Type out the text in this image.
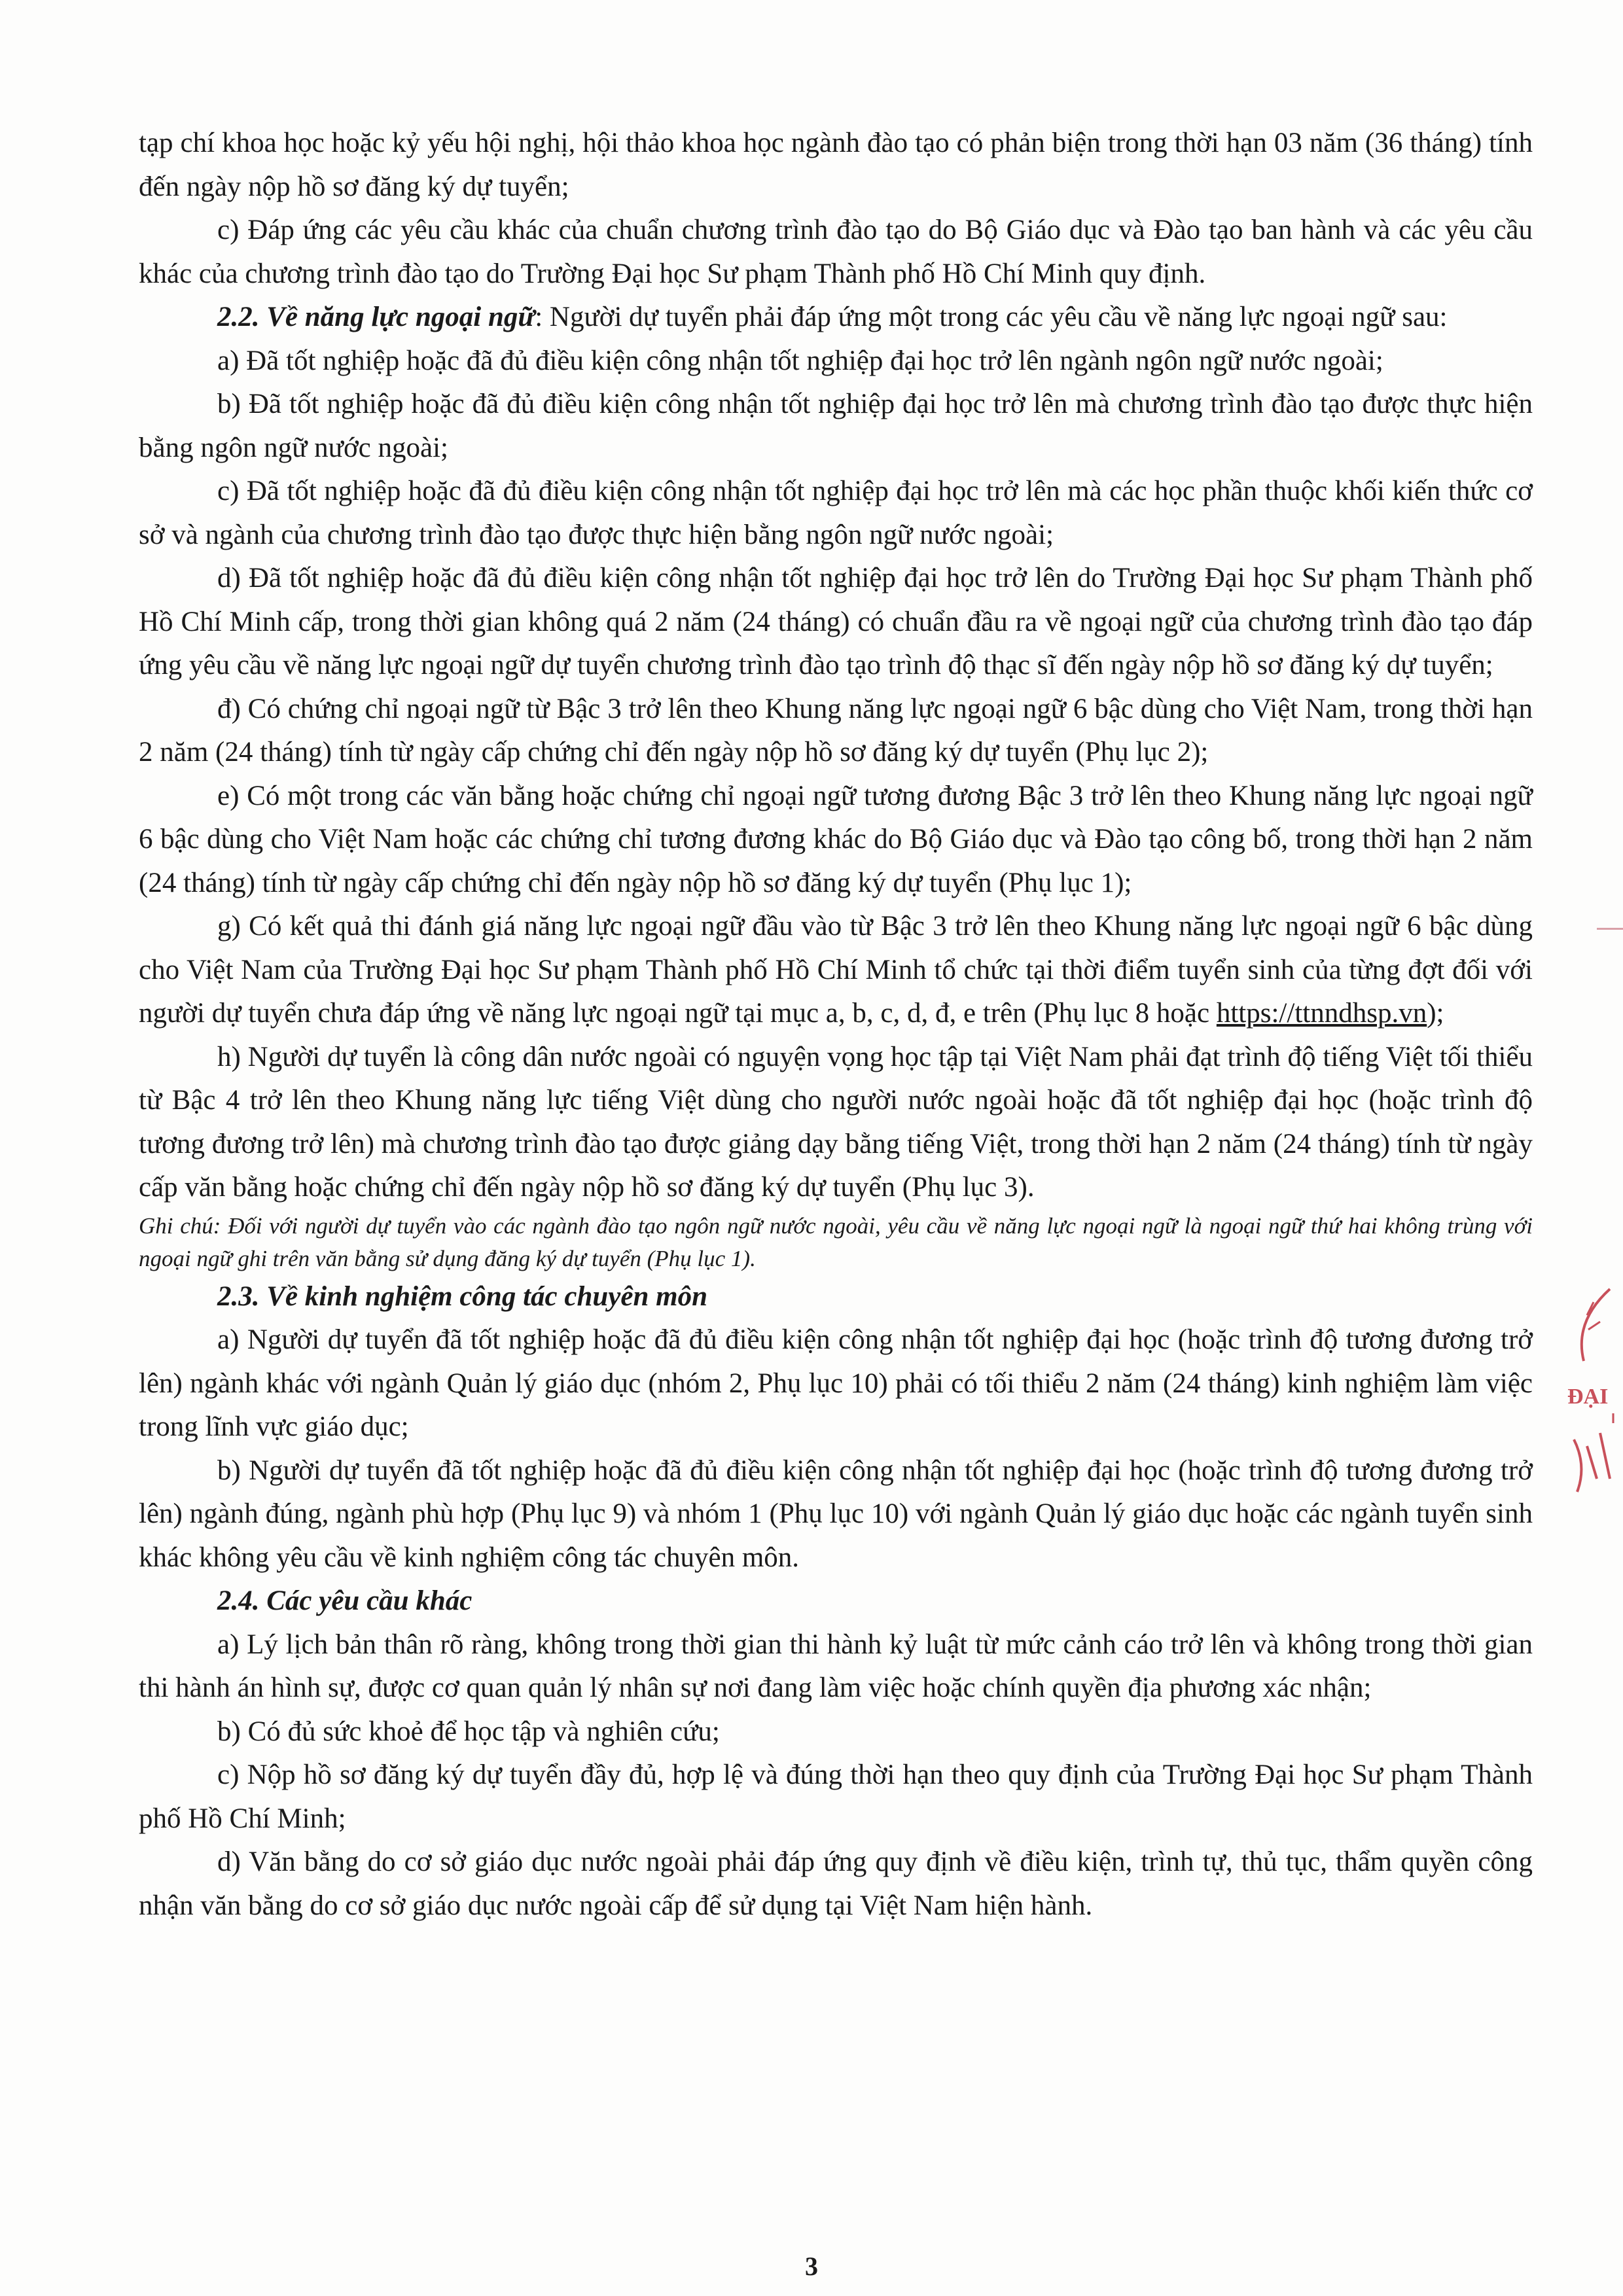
tạp chí khoa học hoặc kỷ yếu hội nghị, hội thảo khoa học ngành đào tạo có phản biện trong thời hạn 03 năm (36 tháng) tính đến ngày nộp hồ sơ đăng ký dự tuyển;

c) Đáp ứng các yêu cầu khác của chuẩn chương trình đào tạo do Bộ Giáo dục và Đào tạo ban hành và các yêu cầu khác của chương trình đào tạo do Trường Đại học Sư phạm Thành phố Hồ Chí Minh quy định.

2.2. Về năng lực ngoại ngữ: Người dự tuyển phải đáp ứng một trong các yêu cầu về năng lực ngoại ngữ sau:

a) Đã tốt nghiệp hoặc đã đủ điều kiện công nhận tốt nghiệp đại học trở lên ngành ngôn ngữ nước ngoài;

b) Đã tốt nghiệp hoặc đã đủ điều kiện công nhận tốt nghiệp đại học trở lên mà chương trình đào tạo được thực hiện bằng ngôn ngữ nước ngoài;

c) Đã tốt nghiệp hoặc đã đủ điều kiện công nhận tốt nghiệp đại học trở lên mà các học phần thuộc khối kiến thức cơ sở và ngành của chương trình đào tạo được thực hiện bằng ngôn ngữ nước ngoài;

d) Đã tốt nghiệp hoặc đã đủ điều kiện công nhận tốt nghiệp đại học trở lên do Trường Đại học Sư phạm Thành phố Hồ Chí Minh cấp, trong thời gian không quá 2 năm (24 tháng) có chuẩn đầu ra về ngoại ngữ của chương trình đào tạo đáp ứng yêu cầu về năng lực ngoại ngữ dự tuyển chương trình đào tạo trình độ thạc sĩ đến ngày nộp hồ sơ đăng ký dự tuyển;

đ) Có chứng chỉ ngoại ngữ từ Bậc 3 trở lên theo Khung năng lực ngoại ngữ 6 bậc dùng cho Việt Nam, trong thời hạn 2 năm (24 tháng) tính từ ngày cấp chứng chỉ đến ngày nộp hồ sơ đăng ký dự tuyển (Phụ lục 2);

e) Có một trong các văn bằng hoặc chứng chỉ ngoại ngữ tương đương Bậc 3 trở lên theo Khung năng lực ngoại ngữ 6 bậc dùng cho Việt Nam hoặc các chứng chỉ tương đương khác do Bộ Giáo dục và Đào tạo công bố, trong thời hạn 2 năm (24 tháng) tính từ ngày cấp chứng chỉ đến ngày nộp hồ sơ đăng ký dự tuyển (Phụ lục 1);

g) Có kết quả thi đánh giá năng lực ngoại ngữ đầu vào từ Bậc 3 trở lên theo Khung năng lực ngoại ngữ 6 bậc dùng cho Việt Nam của Trường Đại học Sư phạm Thành phố Hồ Chí Minh tổ chức tại thời điểm tuyển sinh của từng đợt đối với người dự tuyển chưa đáp ứng về năng lực ngoại ngữ tại mục a, b, c, d, đ, e trên (Phụ lục 8 hoặc https://ttnndhsp.vn);

h) Người dự tuyển là công dân nước ngoài có nguyện vọng học tập tại Việt Nam phải đạt trình độ tiếng Việt tối thiểu từ Bậc 4 trở lên theo Khung năng lực tiếng Việt dùng cho người nước ngoài hoặc đã tốt nghiệp đại học (hoặc trình độ tương đương trở lên) mà chương trình đào tạo được giảng dạy bằng tiếng Việt, trong thời hạn 2 năm (24 tháng) tính từ ngày cấp văn bằng hoặc chứng chỉ đến ngày nộp hồ sơ đăng ký dự tuyển (Phụ lục 3).

Ghi chú: Đối với người dự tuyển vào các ngành đào tạo ngôn ngữ nước ngoài, yêu cầu về năng lực ngoại ngữ là ngoại ngữ thứ hai không trùng với ngoại ngữ ghi trên văn bằng sử dụng đăng ký dự tuyển (Phụ lục 1).

2.3. Về kinh nghiệm công tác chuyên môn

a) Người dự tuyển đã tốt nghiệp hoặc đã đủ điều kiện công nhận tốt nghiệp đại học (hoặc trình độ tương đương trở lên) ngành khác với ngành Quản lý giáo dục (nhóm 2, Phụ lục 10) phải có tối thiểu 2 năm (24 tháng) kinh nghiệm làm việc trong lĩnh vực giáo dục;

b) Người dự tuyển đã tốt nghiệp hoặc đã đủ điều kiện công nhận tốt nghiệp đại học (hoặc trình độ tương đương trở lên) ngành đúng, ngành phù hợp (Phụ lục 9) và nhóm 1 (Phụ lục 10) với ngành Quản lý giáo dục hoặc các ngành tuyển sinh khác không yêu cầu về kinh nghiệm công tác chuyên môn.

2.4. Các yêu cầu khác

a) Lý lịch bản thân rõ ràng, không trong thời gian thi hành kỷ luật từ mức cảnh cáo trở lên và không trong thời gian thi hành án hình sự, được cơ quan quản lý nhân sự nơi đang làm việc hoặc chính quyền địa phương xác nhận;

b) Có đủ sức khoẻ để học tập và nghiên cứu;

c) Nộp hồ sơ đăng ký dự tuyển đầy đủ, hợp lệ và đúng thời hạn theo quy định của Trường Đại học Sư phạm Thành phố Hồ Chí Minh;

d) Văn bằng do cơ sở giáo dục nước ngoài phải đáp ứng quy định về điều kiện, trình tự, thủ tục, thẩm quyền công nhận văn bằng do cơ sở giáo dục nước ngoài cấp để sử dụng tại Việt Nam hiện hành.

3
ĐẠI
